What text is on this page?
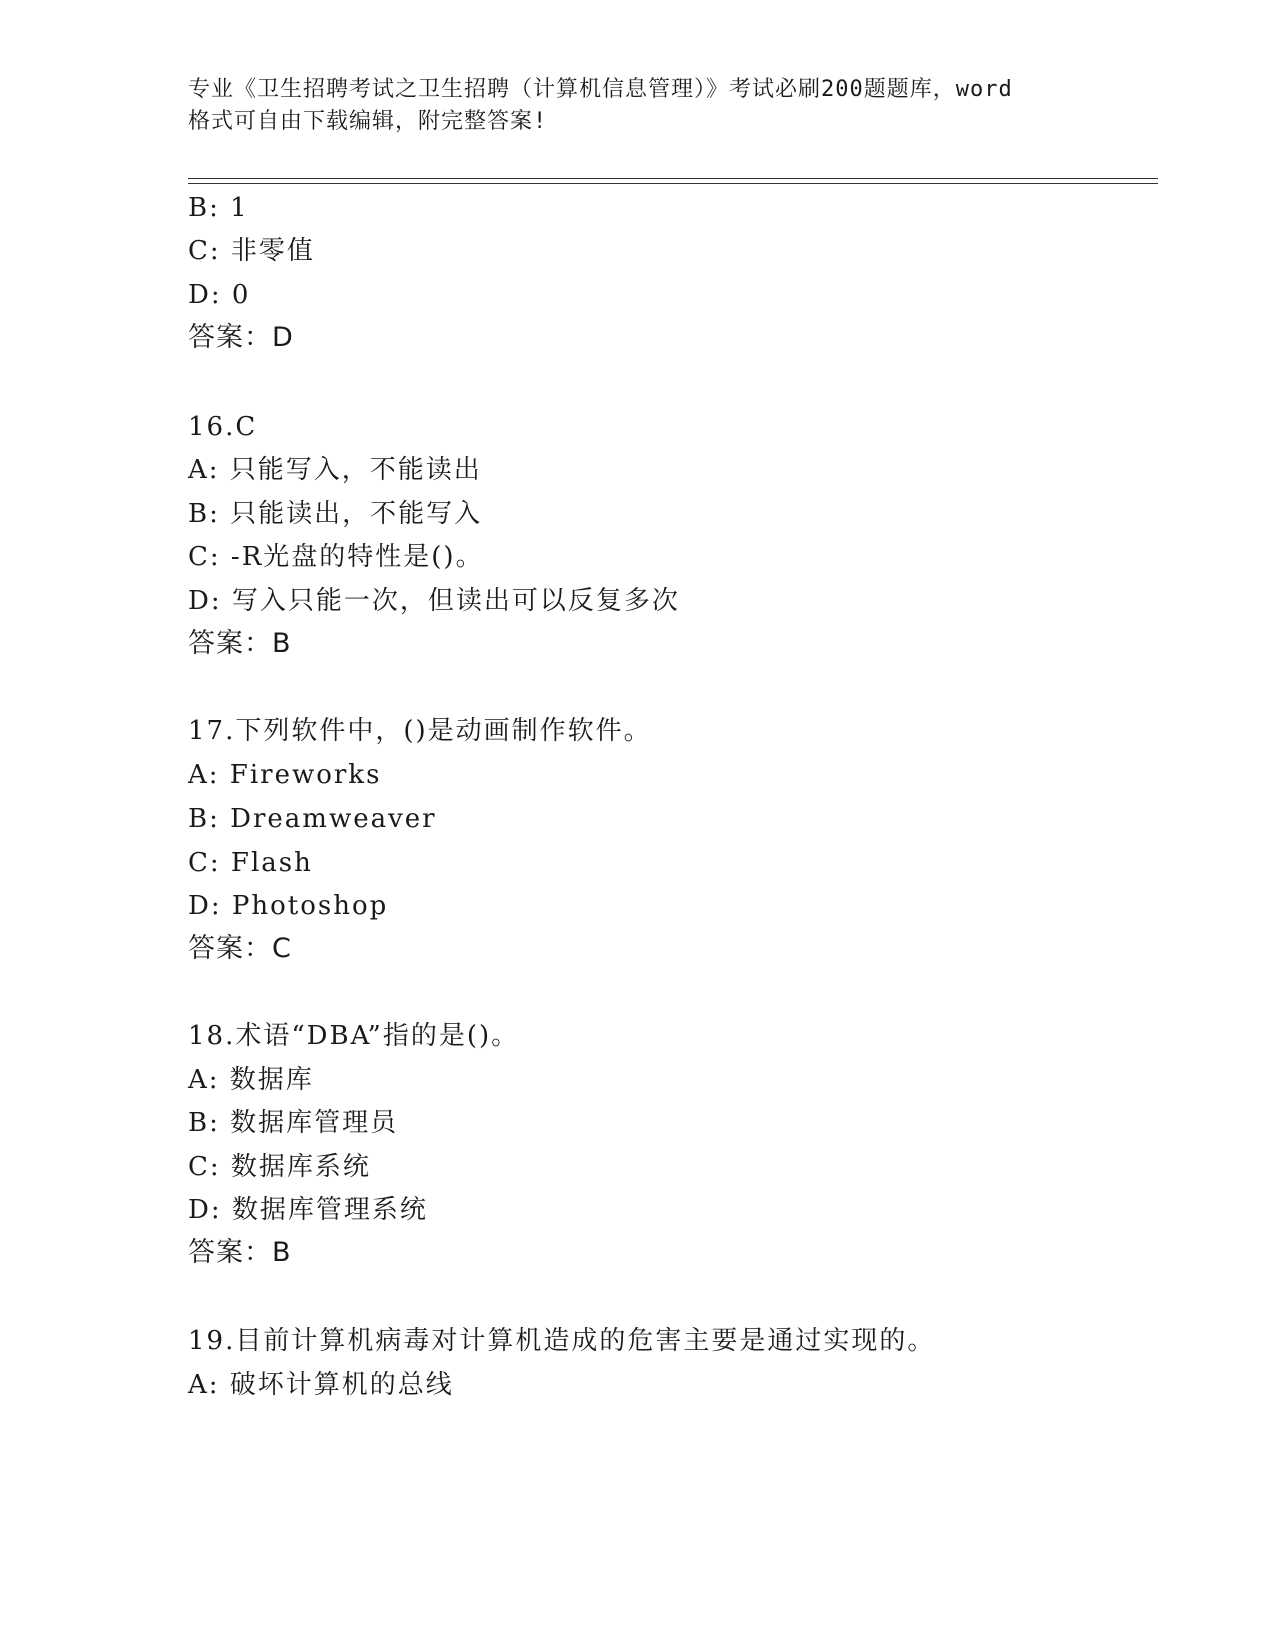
专业《卫生招聘考试之卫生招聘（计算机信息管理）》考试必刷200题题库，word
格式可自由下载编辑，附完整答案!
B: 1
C: 非零值
D: 0
答案：D
16.C
A: 只能写入，不能读出
B: 只能读出，不能写入
C: -R光盘的特性是()。
D: 写入只能一次，但读出可以反复多次
答案：B
17.下列软件中，()是动画制作软件。
A: Fireworks
B: Dreamweaver
C: Flash
D: Photoshop
答案：C
18.术语“DBA”指的是()。
A: 数据库
B: 数据库管理员
C: 数据库系统
D: 数据库管理系统
答案：B
19.目前计算机病毒对计算机造成的危害主要是通过实现的。
A: 破坏计算机的总线
